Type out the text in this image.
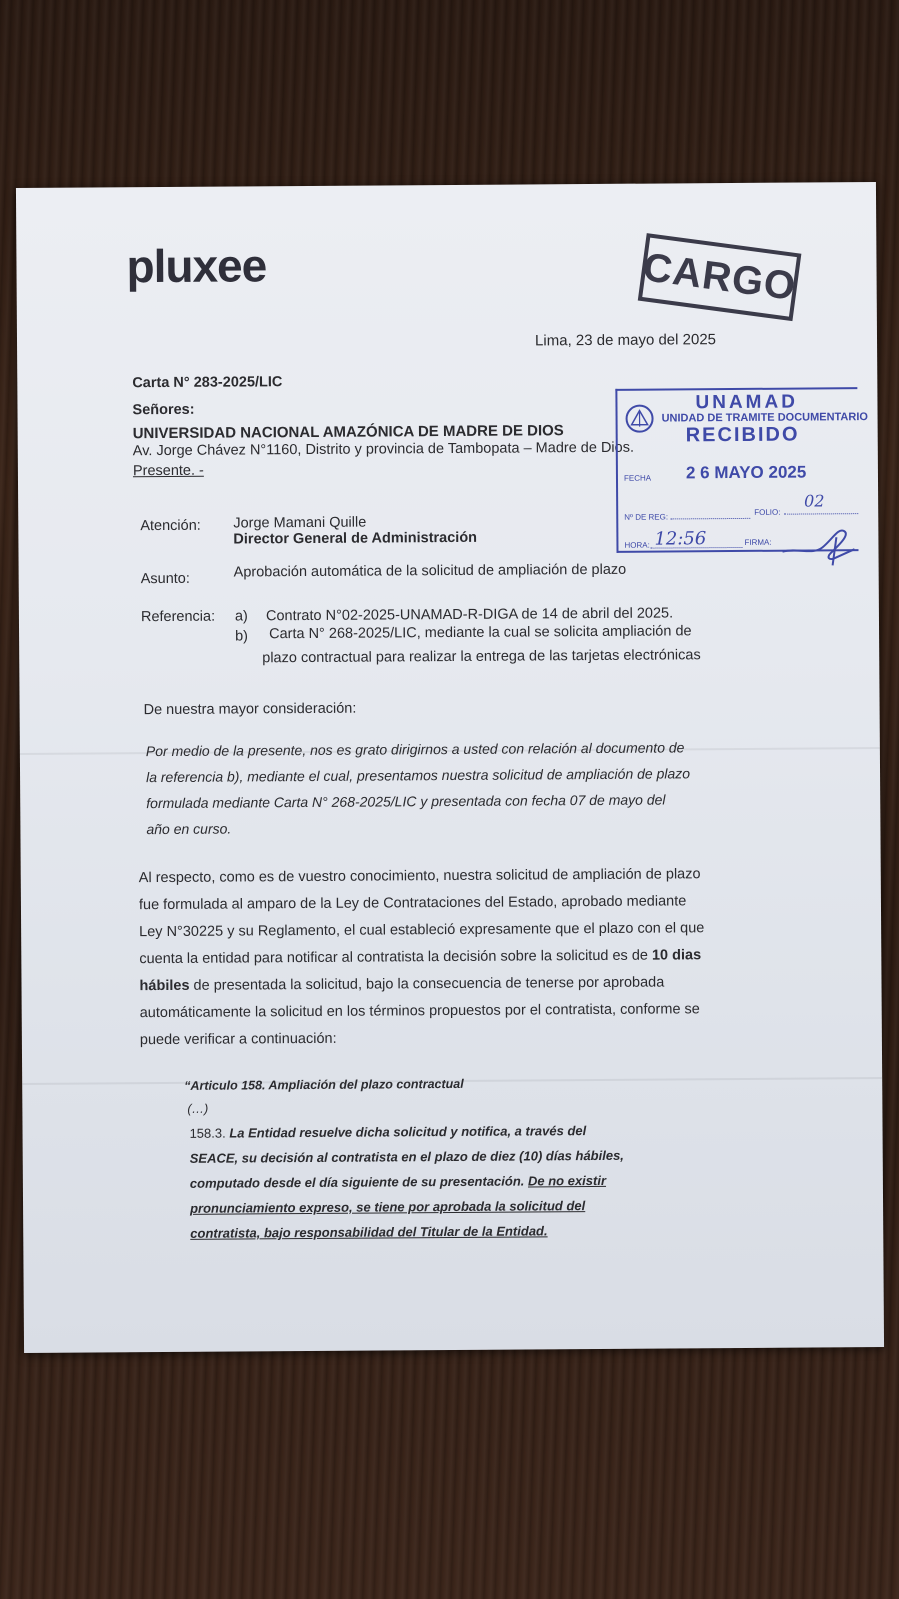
pluxee	CARGO
Lima, 23 de mayo del 2025
Carta N° 283-2025/LIC
Señores:
UNIVERSIDAD NACIONAL AMAZÓNICA DE MADRE DE DIOS
Av. Jorge Chávez N°1160, Distrito y provincia de Tambopata – Madre de Dios.
Presente. -
UNAMAD
UNIDAD DE TRAMITE DOCUMENTARIO
RECIBIDO
FECHA 2 6 MAYO 2025
Nº DE REG:
FOLIO:
02
HORA: 12:56	FIRMA:
Atención: Jorge Mamani Quille
Director General de Administración
Asunto:	Aprobación automática de la solicitud de ampliación de plazo
Referencia: a) Contrato N°02-2025-UNAMAD-R-DIGA de 14 de abril del 2025.
b) Carta N° 268-2025/LIC, mediante la cual se solicita ampliación de
plazo contractual para realizar la entrega de las tarjetas electrónicas
De nuestra mayor consideración:
Por medio de la presente, nos es grato dirigirnos a usted con relación al documento de
la referencia b), mediante el cual, presentamos nuestra solicitud de ampliación de plazo
formulada mediante Carta N° 268-2025/LIC y presentada con fecha 07 de mayo del
año en curso.
Al respecto, como es de vuestro conocimiento, nuestra solicitud de ampliación de plazo
fue formulada al amparo de la Ley de Contrataciones del Estado, aprobado mediante
Ley N°30225 y su Reglamento, el cual estableció expresamente que el plazo con el que
cuenta la entidad para notificar al contratista la decisión sobre la solicitud es de 10 dias
hábiles de presentada la solicitud, bajo la consecuencia de tenerse por aprobada
automáticamente la solicitud en los términos propuestos por el contratista, conforme se
puede verificar a continuación:
“Articulo 158. Ampliación del plazo contractual
(…)
158.3. La Entidad resuelve dicha solicitud y notifica, a través del
SEACE, su decisión al contratista en el plazo de diez (10) días hábiles,
computado desde el día siguiente de su presentación. De no existir
pronunciamiento expreso, se tiene por aprobada la solicitud del
contratista, bajo responsabilidad del Titular de la Entidad.
